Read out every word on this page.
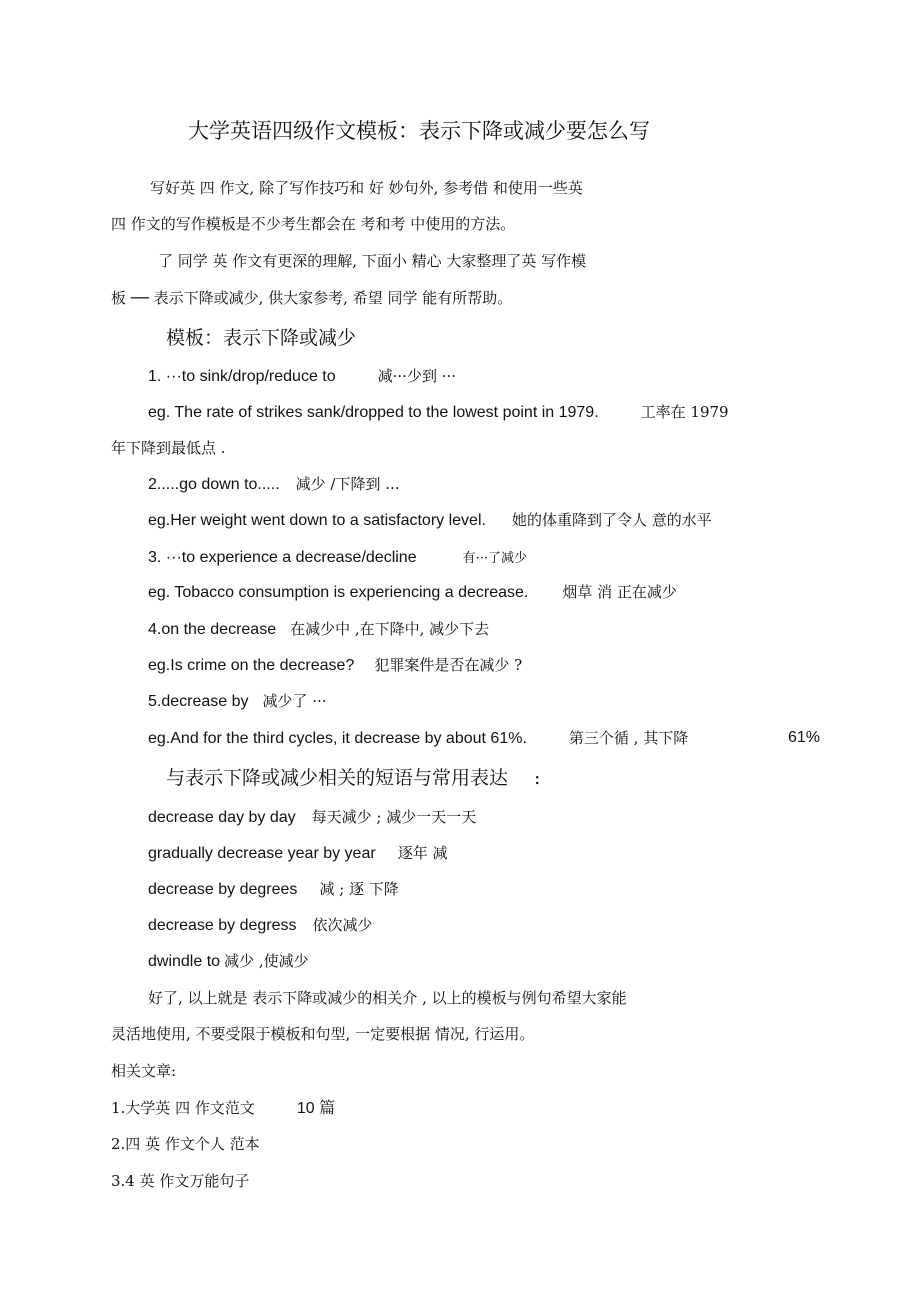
大学英语四级作文模板：表示下降或减少要怎么写
写好英 四 作文, 除了写作技巧和 好 妙句外, 参考借 和使用一些英
四 作文的写作模板是不少考生都会在 考和考 中使用的方法。
了 同学 英 作文有更深的理解, 下面小 精心 大家整理了英 写作模
板 ── 表示下降或减少, 供大家参考, 希望 同学 能有所帮助。
模板：表示下降或减少
1. ···to sink/drop/reduce to	减···少到 ···
eg. The rate of strikes sank/dropped to the lowest point in 1979.	工率在 1979
年下降到最低点 .
2.....go down to..... 减少 /下降到 ...
eg.Her weight went down to a satisfactory level. 她的体重降到了令人 意的水平
3. ···to experience a decrease/decline	有···了减少
eg. Tobacco consumption is experiencing a decrease. 烟草 消 正在减少
4.on the decrease 在减少中 ,在下降中, 减少下去
eg.Is crime on the decrease? 犯罪案件是否在减少 ?
5.decrease by 减少了 ···
eg.And for the third cycles, it decrease by about 61%.	第三个循 , 其下降	61%
与表示下降或减少相关的短语与常用表达 :
decrease day by day 每天减少 ; 减少一天一天
gradually decrease year by year 逐年 减
decrease by degrees 减 ; 逐 下降
decrease by degress 依次减少
dwindle to 减少 ,使减少
好了, 以上就是 表示下降或减少的相关介 , 以上的模板与例句希望大家能
灵活地使用, 不要受限于模板和句型, 一定要根据 情况, 行运用。
相关文章:
1.大学英 四 作文范文	10 篇
2.四 英 作文个人 范本
3.4 英 作文万能句子
